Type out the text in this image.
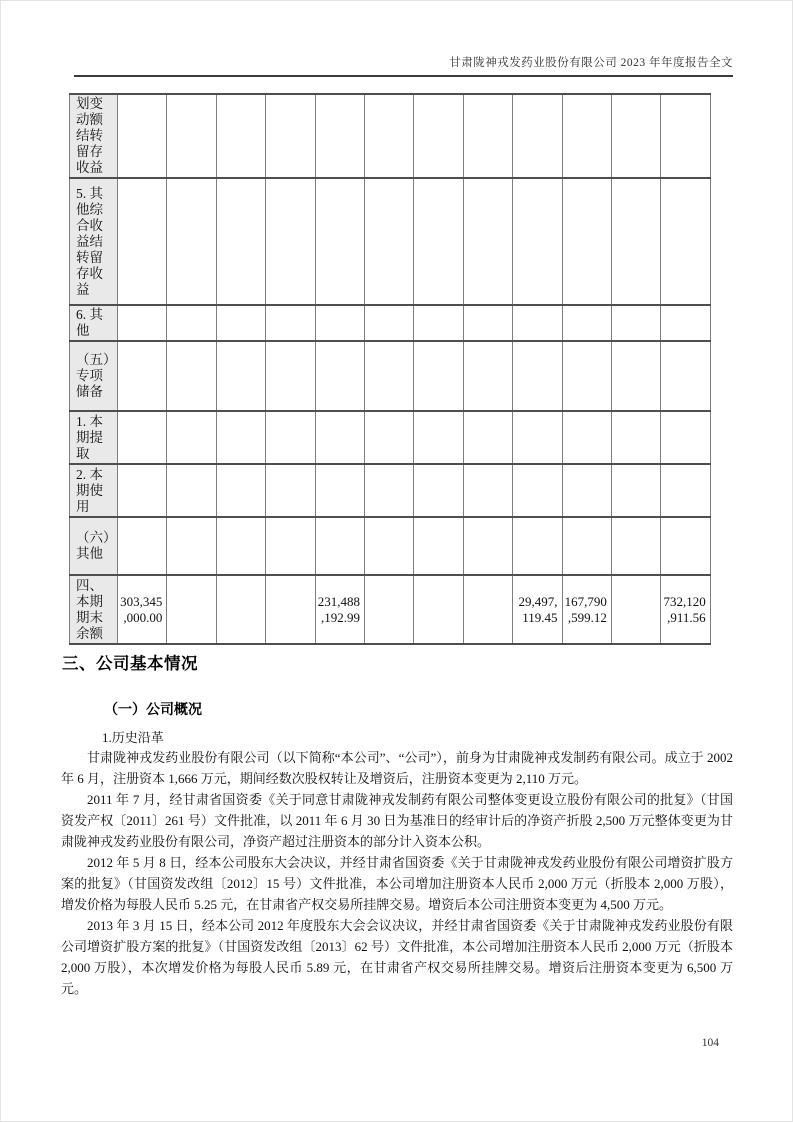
甘肃陇神戎发药业股份有限公司 2023 年年度报告全文
划变动额结转留存收益												
5. 其他综合收益结转留存收益												
6. 其他												
（五）专项储备												
1. 本期提取												
2. 本期使用												
（六）其他												
四、本期期末余额	303,345,000.00				231,488,192.99				29,497,119.45	167,790,599.12		732,120,911.56
三、公司基本情况
（一）公司概况
1.历史沿革

甘肃陇神戎发药业股份有限公司（以下简称“本公司”、“公司”），前身为甘肃陇神戎发制药有限公司。成立于 2002 年 6 月，注册资本 1,666 万元，期间经数次股权转让及增资后，注册资本变更为 2,110 万元。

2011 年 7 月，经甘肃省国资委《关于同意甘肃陇神戎发制药有限公司整体变更设立股份有限公司的批复》（甘国资发产权〔2011〕261 号）文件批准，以 2011 年 6 月 30 日为基准日的经审计后的净资产折股 2,500 万元整体变更为甘肃陇神戎发药业股份有限公司，净资产超过注册资本的部分计入资本公积。

2012 年 5 月 8 日，经本公司股东大会决议，并经甘肃省国资委《关于甘肃陇神戎发药业股份有限公司增资扩股方案的批复》（甘国资发改组〔2012〕15 号）文件批准，本公司增加注册资本人民币 2,000 万元（折股本 2,000 万股），增发价格为每股人民币 5.25 元，在甘肃省产权交易所挂牌交易。增资后本公司注册资本变更为 4,500 万元。

2013 年 3 月 15 日，经本公司 2012 年度股东大会会议决议，并经甘肃省国资委《关于甘肃陇神戎发药业股份有限公司增资扩股方案的批复》（甘国资发改组〔2013〕62 号）文件批准，本公司增加注册资本人民币 2,000 万元（折股本 2,000 万股），本次增发价格为每股人民币 5.89 元，在甘肃省产权交易所挂牌交易。增资后注册资本变更为 6,500 万元。

104
